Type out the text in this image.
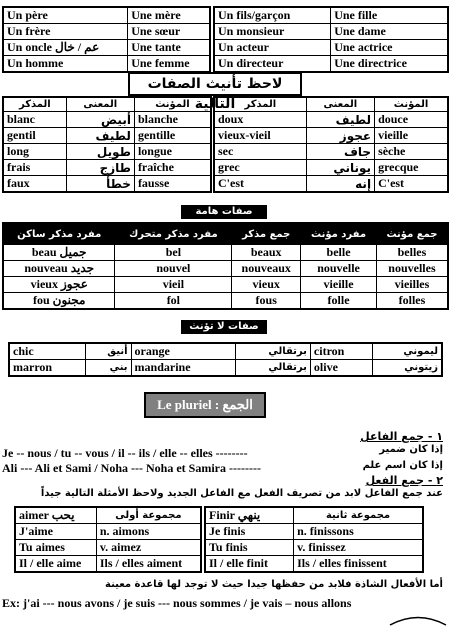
Un père	Une mère
Un frère	Une sœur
Un oncle عم / خال	Une tante
Un homme	Une femme
Un fils/garçon	Une fille
Un monsieur	Une dame
Un acteur	Une actrice
Un directeur	Une directrice
لاحظ تأنيث الصفات التالية
المذكر	المعنى	المؤنث
blanc	أبيض	blanche
gentil	لطيف	gentille
long	طويل	longue
frais	طازج	fraîche
faux	خطأ	fausse
المذكر	المعنى	المؤنث
doux	لطيف	douce
vieux-vieil	عجوز	vieille
sec	جاف	sèche
grec	يوناني	grecque
C'est	إنه	C'est
صفات هامة
مفرد مذكر ساكن	مفرد مذكر متحرك	جمع مذكر	مفرد مؤنث	جمع مؤنث
beau جميل	bel	beaux	belle	belles
nouveau جديد	nouvel	nouveaux	nouvelle	nouvelles
vieux عجوز	vieil	vieux	vieille	vieilles
fou مجنون	fol	fous	folle	folles
صفات لا تؤنث
chic	أنيق	orange	برتقالي	citron	ليموني
marron	بني	mandarine	برتقالي	olive	زيتوني
Le pluriel : الجمع
١ - جمع الفاعل
إذا كان ضمير
Je -- nous / tu -- vous / il -- ils / elle -- elles --------
إذا كان اسم علم
Ali --- Ali et Sami / Noha --- Noha et Samira --------
٢ - جمع الفعل
عند جمع الفاعل لابد من تصريف الفعل مع الفاعل الجديد ولاحظ الأمثلة التالية جيداً
aimer يحب	مجموعة أولى
J'aime	n. aimons
Tu aimes	v. aimez
Il / elle aime	Ils / elles aiment
Finir ينهي	مجموعة ثانية
Je finis	n. finissons
Tu finis	v. finissez
Il / elle finit	Ils / elles finissent
أما الأفعال الشاذة فلابد من حفظها جيدا حيث لا توجد لها قاعدة معينة
Ex: j'ai --- nous avons / je suis --- nous sommes / je vais – nous allons
